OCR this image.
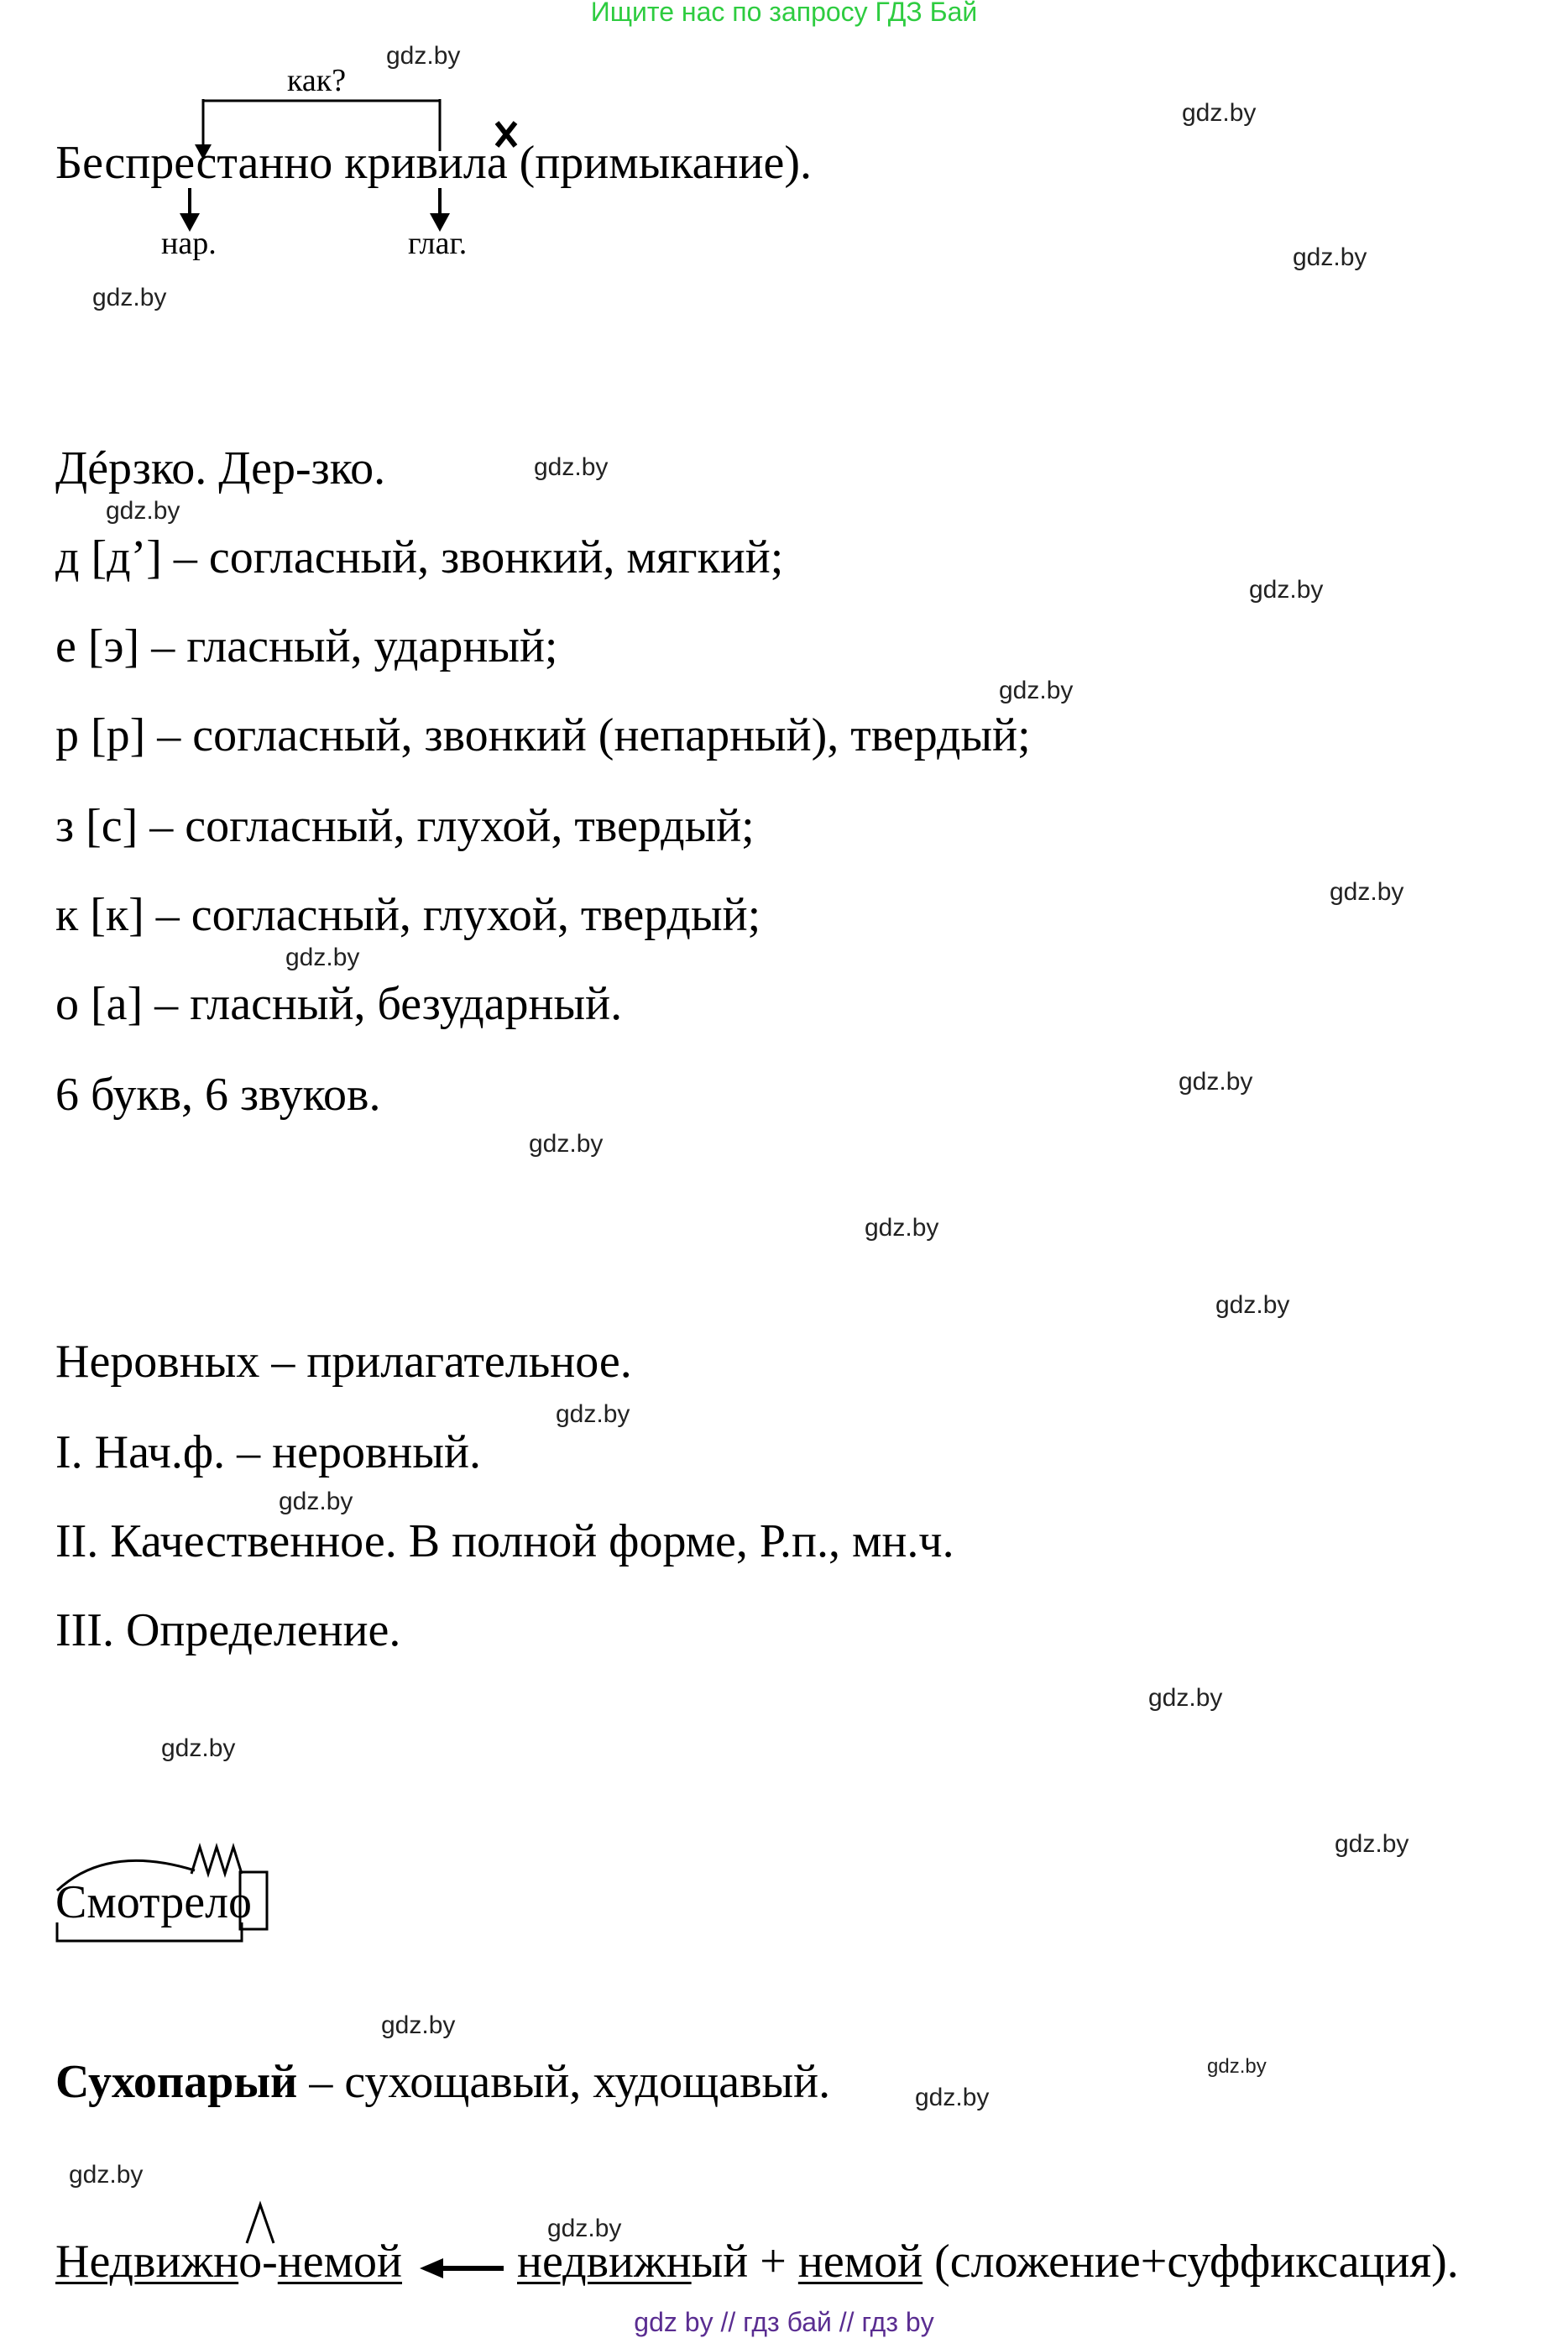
Ищите нас по запросу ГДЗ Бай
gdz by // гдз бай // гдз by
как?
Беспрестанно кривила (примыкание).
нар.	глаг.
Дéрзко. Дер-зко.
д [д’] – согласный, звонкий, мягкий;
е [э] – гласный, ударный;
р [р] – согласный, звонкий (непарный), твердый;
з [с] – согласный, глухой, твердый;
к [к] – согласный, глухой, твердый;
о [а] – гласный, безударный.
6 букв, 6 звуков.
Неровных – прилагательное.
I. Нач.ф. – неровный.
II. Качественное. В полной форме, Р.п., мн.ч.
III. Определение.
Смотрело
Сухопарый – сухощавый, худощавый.
Недвижно-немой недвижный + немой (сложение+суффиксация).
gdz.by
gdz.by
gdz.by
gdz.by
gdz.by
gdz.by
gdz.by
gdz.by
gdz.by
gdz.by
gdz.by
gdz.by
gdz.by
gdz.by
gdz.by
gdz.by
gdz.by
gdz.by
gdz.by
gdz.by
gdz.by
gdz.by
gdz.by
gdz.by
